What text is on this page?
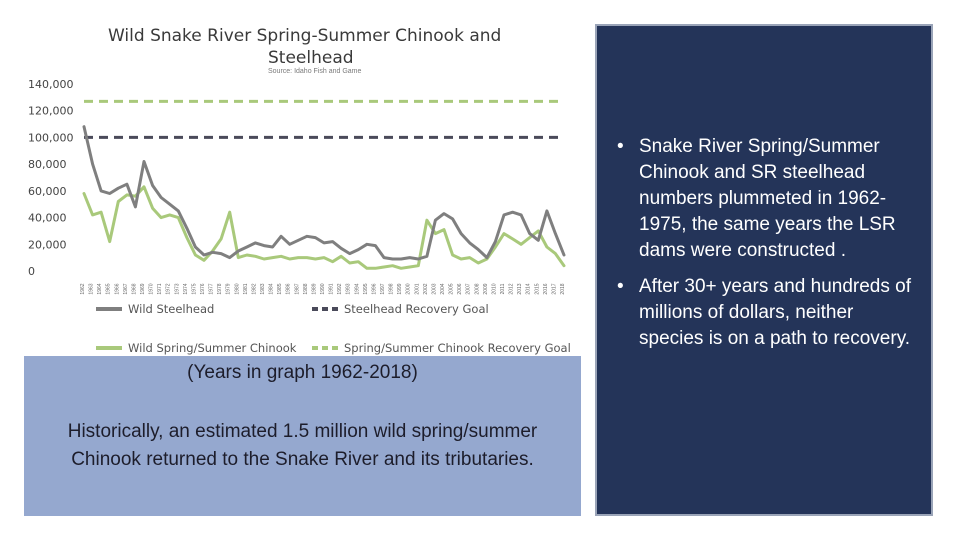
Wild Snake River Spring-Summer Chinook and
Steelhead
Source: Idaho Fish and Game
0
20,000
40,000
60,000
80,000
100,000
120,000
140,000
1962 1963 1964 1965 1966 1967 1968 1969 1970 1971 1972 1973 1974 1975 1976 1977 1978 1979 1980 1981 1982 1983 1984 1985 1986 1987 1988 1989 1990 1991 1992 1993 1994 1995 1996 1997 1998 1999 2000 2001 2002 2003 2004 2005 2006 2007 2008 2009 2010 2011 2012 2013 2014 2015 2016 2017 2018
Wild Steelhead	Steelhead Recovery Goal
Wild Spring/Summer Chinook	Spring/Summer Chinook Recovery Goal
(Years in graph 1962-2018)
Historically, an estimated 1.5 million wild spring/summer Chinook returned to the Snake River and its tributaries.
• Snake River Spring/Summer Chinook and SR steelhead numbers plummeted in 1962-1975, the same years the LSR dams were constructed .
• After 30+ years and hundreds of millions of dollars, neither species is on a path to recovery.
